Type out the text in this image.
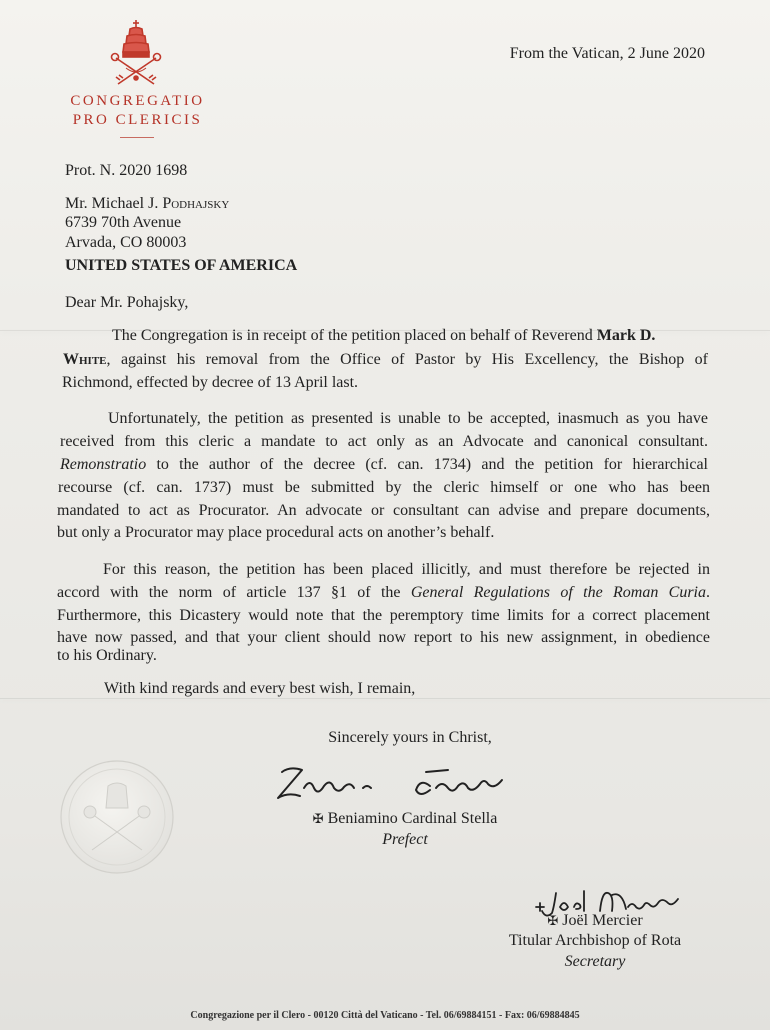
CONGREGATIO
PRO CLERICIS
From the Vatican, 2 June 2020
Prot. N. 2020 1698
Mr. Michael J. Podhajsky
6739 70th Avenue
Arvada, CO 80003
UNITED STATES OF AMERICA
Dear Mr. Pohajsky,
The Congregation is in receipt of the petition placed on behalf of Reverend Mark D.
White, against his removal from the Office of Pastor by His Excellency, the Bishop of
Richmond, effected by decree of 13 April last.
Unfortunately, the petition as presented is unable to be accepted, inasmuch as you have
received from this cleric a mandate to act only as an Advocate and canonical consultant.
Remonstratio to the author of the decree (cf. can. 1734) and the petition for hierarchical
recourse (cf. can. 1737) must be submitted by the cleric himself or one who has been
mandated to act as Procurator. An advocate or consultant can advise and prepare documents,
but only a Procurator may place procedural acts on another’s behalf.
For this reason, the petition has been placed illicitly, and must therefore be rejected in
accord with the norm of article 137 §1 of the General Regulations of the Roman Curia.
Furthermore, this Dicastery would note that the peremptory time limits for a correct placement
have now passed, and that your client should now report to his new assignment, in obedience
to his Ordinary.
With kind regards and every best wish, I remain,
Sincerely yours in Christ,
✠ Beniamino Cardinal Stella
Prefect
✠ Joël Mercier
Titular Archbishop of Rota
Secretary
Congregazione per il Clero - 00120 Città del Vaticano - Tel. 06/69884151 - Fax: 06/69884845
